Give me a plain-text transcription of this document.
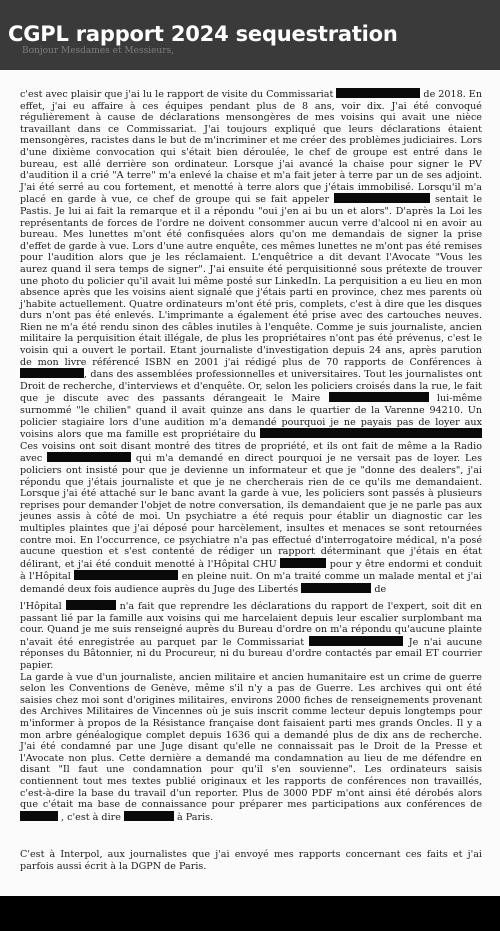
Bonjour Mesdames et Messieurs,
CGPL rapport 2024 sequestration

c'est avec plaisir que j'ai lu le rapport de visite du Commissariat	de 2018. En effet, j'ai eu affaire à ces équipes pendant plus de 8 ans, voir dix. J'ai été convoqué régulièrement à cause de déclarations mensongères de mes voisins qui avait une nièce travaillant dans ce Commissariat. J'ai toujours expliqué que leurs déclarations étaient mensongères, racistes dans le but de m'incriminer et me créer des problèmes judiciaires. Lors d'une dixième convocation qui s'était bien déroulée, le chef de groupe est entré dans le bureau, est allé derrière son ordinateur. Lorsque j'ai avancé la chaise pour signer le PV d'audition il a crié "A terre" m'a enlevé la chaise et m'a fait jeter à terre par un de ses adjoint. J'ai été serré au cou fortement, et menotté à terre alors que j'étais immobilisé. Lorsqu'il m'a placé en garde à vue, ce chef de groupe qui se fait appeler	sentait le Pastis. Je lui ai fait la remarque et il a répondu "oui j'en ai bu un et alors". D'après la Loi les représentants de forces de l'ordre ne doivent consommer aucun verre d'alcool ni en avoir au bureau. Mes lunettes m'ont été confisquées alors qu'on me demandais de signer la prise d'effet de garde à vue. Lors d'une autre enquête, ces mêmes lunettes ne m'ont pas été remises pour l'audition alors que je les réclamaient. L'enquêtrice a dit devant l'Avocate "Vous les aurez quand il sera temps de signer". J'ai ensuite été perquisitionné sous prétexte de trouver une photo du policier qu'il avait lui même posté sur LinkedIn. La perquisition a eu lieu en mon absence après que les voisins aient signalé que j'étais parti en province, chez mes parents où j'habite actuellement. Quatre ordinateurs m'ont été pris, complets, c'est à dire que les disques durs n'ont pas été enlevés. L'imprimante a également été prise avec des cartouches neuves. Rien ne m'a été rendu sinon des câbles inutiles à l'enquête. Comme je suis journaliste, ancien militaire la perquisition était illégale, de plus les propriétaires n'ont pas été prévenus, c'est le voisin qui a ouvert le portail. Etant journaliste d'investigation depuis 24 ans, après parution de mon livre référencé ISBN en 2001 j'ai rédigé plus de 70 rapports de Conférences à , dans des assemblées professionnelles et universitaires. Tout les journalistes ont Droit de recherche, d'interviews et d'enquête. Or, selon les policiers croisés dans la rue, le fait que je discute avec des passants dérangeait le Maire	lui-même surnommé "le chilien" quand il avait quinze ans dans le quartier de la Varenne 94210. Un policier stagiaire lors d'une audition m'a demandé pourquoi je ne payais pas de loyer aux voisins alors que ma famille est propriétaire du	Ces voisins ont soit disant montré des titres de propriété, et ils ont fait de même a la Radio avec	qui m'a demandé en direct pourquoi je ne versait pas de loyer. Les policiers ont insisté pour que je devienne un informateur et que je "donne des dealers", j'ai répondu que j'étais journaliste et que je ne chercherais rien de ce qu'ils me demandaient. Lorsque j'ai été attaché sur le banc avant la garde à vue, les policiers sont passés à plusieurs reprises pour demander l'objet de notre conversation, ils demandaient que je ne parle pas aux jeunes assis à côté de moi. Un psychiatre a été requis pour établir un diagnostic car les multiples plaintes que j'ai déposé pour harcèlement, insultes et menaces se sont retournées contre moi. En l'occurrence, ce psychiatre n'a pas effectué d'interrogatoire médical, n'a posé aucune question et s'est contenté de rédiger un rapport déterminant que j'étais en état délirant, et j'ai été conduit menotté à l'Hôpital CHU	pour y être endormi et conduit à l'Hôpital	en pleine nuit. On m'a traité comme un malade mental et j'ai demandé deux fois audience auprès du Juge des Libertés	de

l'Hôpital	n'a fait que reprendre les déclarations du rapport de l'expert, soit dit en passant lié par la famille aux voisins qui me harcelaient depuis leur escalier surplombant ma cour. Quand je me suis renseigné auprès du Bureau d'ordre on m'a répondu qu'aucune plainte n'avait été enregistrée au parquet par le Commissariat	Je n'ai aucune réponses du Bâtonnier, ni du Procureur, ni du bureau d'ordre contactés par email ET courrier papier.
La garde à vue d'un journaliste, ancien militaire et ancien humanitaire est un crime de guerre selon les Conventions de Genève, même s'il n'y a pas de Guerre. Les archives qui ont été saisies chez moi sont d'origines militaires, environs 2000 fiches de renseignements provenant des Archives Militaires de Vincennes où je suis inscrit comme lecteur depuis longtemps pour m'informer à propos de la Résistance française dont faisaient parti mes grands Oncles. Il y a mon arbre généalogique complet depuis 1636 qui a demandé plus de dix ans de recherche. J'ai été condamné par une Juge disant qu'elle ne connaissait pas le Droit de la Presse et l'Avocate non plus. Cette dernière a demandé ma condamnation au lieu de me défendre en disant "Il faut une condamnation pour qu'il s'en souvienne". Les ordinateurs saisis contiennent tout mes textes publié originaux et les rapports de conférences non travaillés, c'est-à-dire la base du travail d'un reporter. Plus de 3000 PDF m'ont ainsi été dérobés alors que c'était ma base de connaissance pour préparer mes participations aux conférences de  , c'est à dire	à Paris.

C'est à Interpol, aux journalistes que j'ai envoyé mes rapports concernant ces faits et j'ai parfois aussi écrit à la DGPN de Paris.
